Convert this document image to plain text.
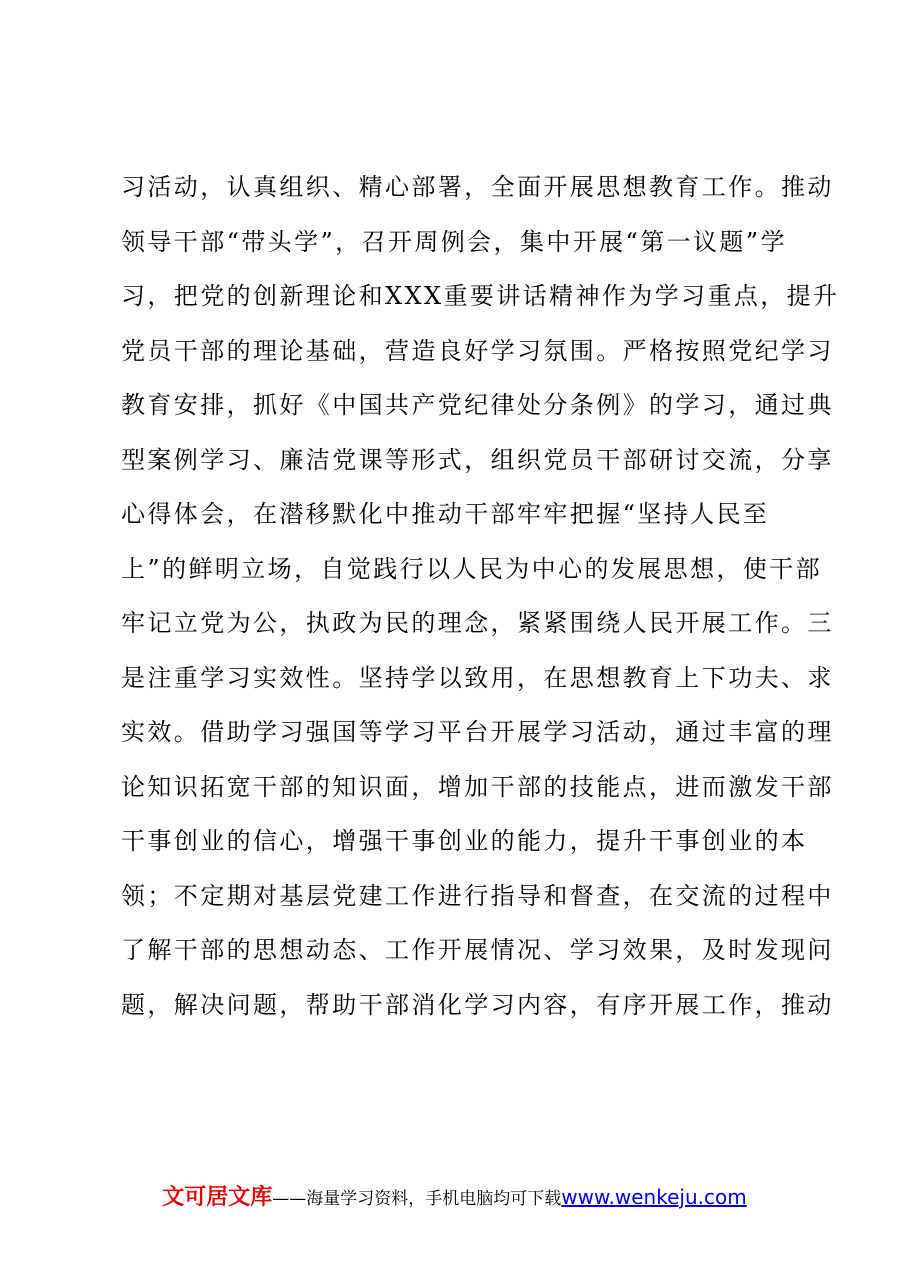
习活动，认真组织、精心部署，全面开展思想教育工作。推动
领导干部“带头学”，召开周例会，集中开展“第一议题”学
习，把党的创新理论和XXX重要讲话精神作为学习重点，提升
党员干部的理论基础，营造良好学习氛围。严格按照党纪学习
教育安排，抓好《中国共产党纪律处分条例》的学习，通过典
型案例学习、廉洁党课等形式，组织党员干部研讨交流，分享
心得体会，在潜移默化中推动干部牢牢把握“坚持人民至
上”的鲜明立场，自觉践行以人民为中心的发展思想，使干部
牢记立党为公，执政为民的理念，紧紧围绕人民开展工作。三
是注重学习实效性。坚持学以致用，在思想教育上下功夫、求
实效。借助学习强国等学习平台开展学习活动，通过丰富的理
论知识拓宽干部的知识面，增加干部的技能点，进而激发干部
干事创业的信心，增强干事创业的能力，提升干事创业的本
领；不定期对基层党建工作进行指导和督查，在交流的过程中
了解干部的思想动态、工作开展情况、学习效果，及时发现问
题，解决问题，帮助干部消化学习内容，有序开展工作，推动
文可居文库——海量学习资料，手机电脑均可下载www.wenkeju.com
